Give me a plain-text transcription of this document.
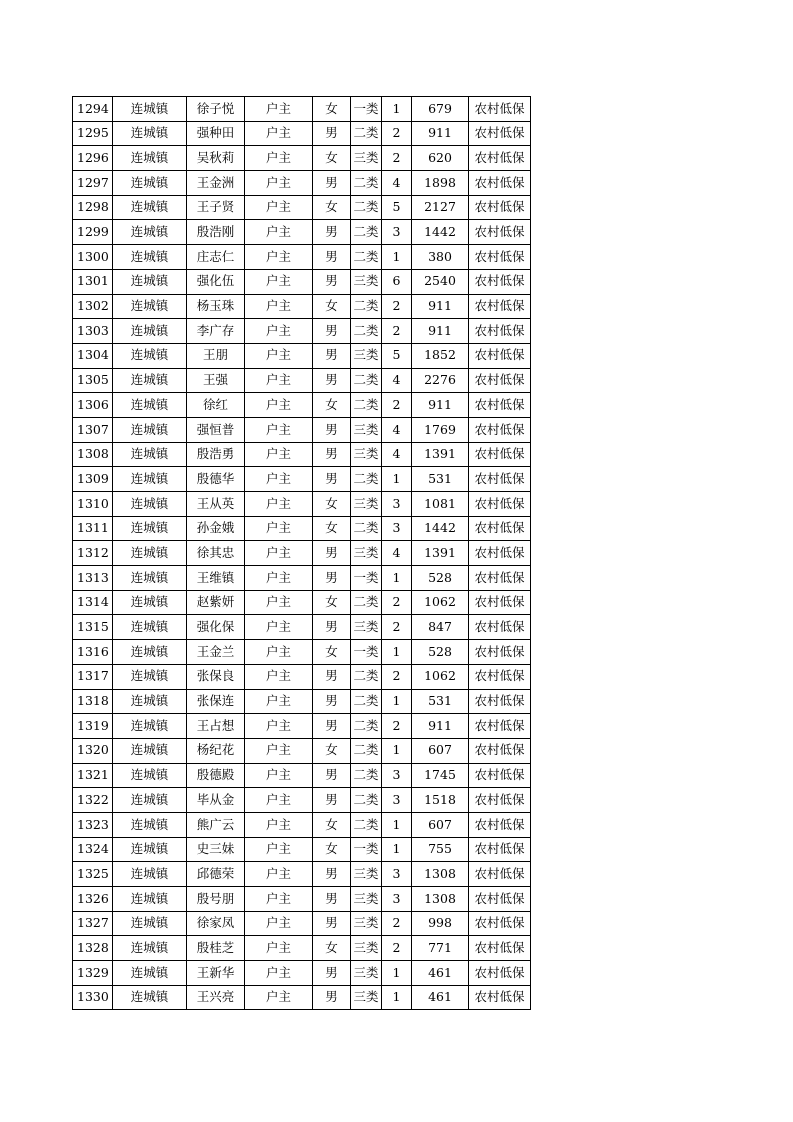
1294	连城镇	徐子悦	户主	女	一类	1	679	农村低保
1295	连城镇	强种田	户主	男	二类	2	911	农村低保
1296	连城镇	吴秋莉	户主	女	三类	2	620	农村低保
1297	连城镇	王金洲	户主	男	二类	4	1898	农村低保
1298	连城镇	王子贤	户主	女	二类	5	2127	农村低保
1299	连城镇	殷浩刚	户主	男	二类	3	1442	农村低保
1300	连城镇	庄志仁	户主	男	二类	1	380	农村低保
1301	连城镇	强化伍	户主	男	三类	6	2540	农村低保
1302	连城镇	杨玉珠	户主	女	二类	2	911	农村低保
1303	连城镇	李广存	户主	男	二类	2	911	农村低保
1304	连城镇	王朋	户主	男	三类	5	1852	农村低保
1305	连城镇	王强	户主	男	二类	4	2276	农村低保
1306	连城镇	徐红	户主	女	二类	2	911	农村低保
1307	连城镇	强恒普	户主	男	三类	4	1769	农村低保
1308	连城镇	殷浩勇	户主	男	三类	4	1391	农村低保
1309	连城镇	殷德华	户主	男	二类	1	531	农村低保
1310	连城镇	王从英	户主	女	三类	3	1081	农村低保
1311	连城镇	孙金娥	户主	女	二类	3	1442	农村低保
1312	连城镇	徐其忠	户主	男	三类	4	1391	农村低保
1313	连城镇	王维镇	户主	男	一类	1	528	农村低保
1314	连城镇	赵紫妍	户主	女	二类	2	1062	农村低保
1315	连城镇	强化保	户主	男	三类	2	847	农村低保
1316	连城镇	王金兰	户主	女	一类	1	528	农村低保
1317	连城镇	张保良	户主	男	二类	2	1062	农村低保
1318	连城镇	张保连	户主	男	二类	1	531	农村低保
1319	连城镇	王占想	户主	男	二类	2	911	农村低保
1320	连城镇	杨纪花	户主	女	二类	1	607	农村低保
1321	连城镇	殷德殿	户主	男	二类	3	1745	农村低保
1322	连城镇	毕从金	户主	男	二类	3	1518	农村低保
1323	连城镇	熊广云	户主	女	二类	1	607	农村低保
1324	连城镇	史三妹	户主	女	一类	1	755	农村低保
1325	连城镇	邱德荣	户主	男	三类	3	1308	农村低保
1326	连城镇	殷号朋	户主	男	三类	3	1308	农村低保
1327	连城镇	徐家凤	户主	男	三类	2	998	农村低保
1328	连城镇	殷桂芝	户主	女	三类	2	771	农村低保
1329	连城镇	王新华	户主	男	三类	1	461	农村低保
1330	连城镇	王兴亮	户主	男	三类	1	461	农村低保
